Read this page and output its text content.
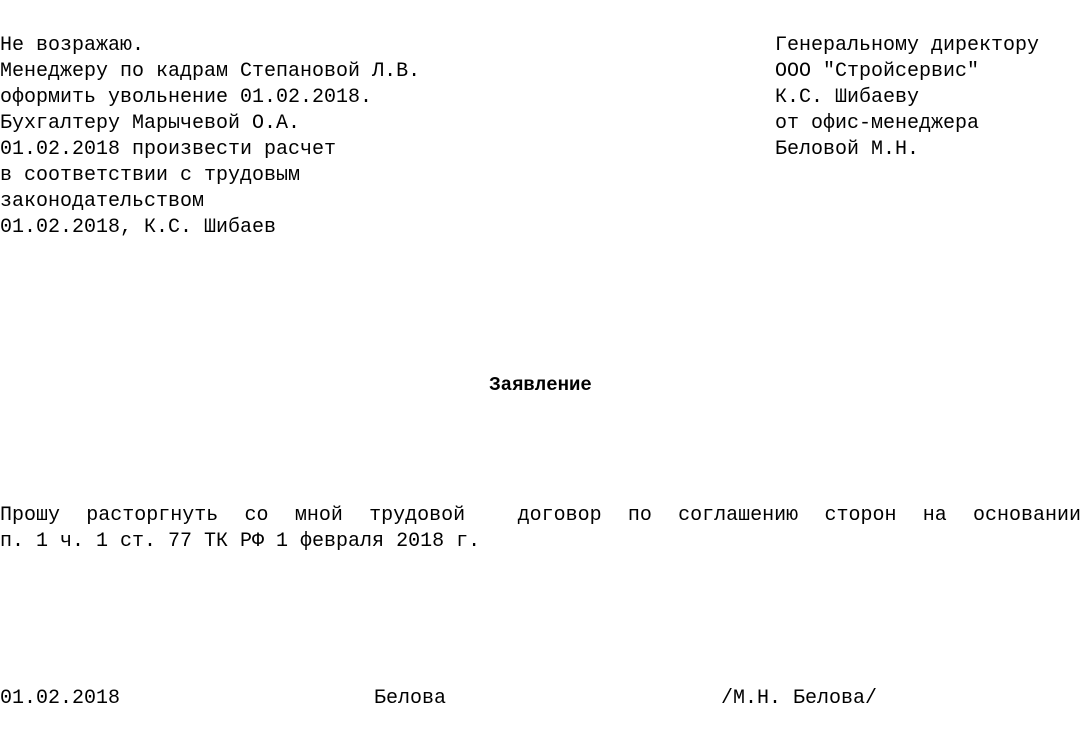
Не возражаю.
Менеджеру по кадрам Степановой Л.В.
оформить увольнение 01.02.2018.
Бухгалтеру Марычевой О.А.
01.02.2018 произвести расчет
в соответствии с трудовым
законодательством
01.02.2018, К.С. Шибаев
Генеральному директору
ООО "Стройсервис"
К.С. Шибаеву
от офис-менеджера
Беловой М.Н.
Заявление
Прошу расторгнуть со мной трудовой  договор по соглашению сторон на основании
п. 1 ч. 1 ст. 77 ТК РФ 1 февраля 2018 г.
01.02.2018	Белова	/М.Н. Белова/
